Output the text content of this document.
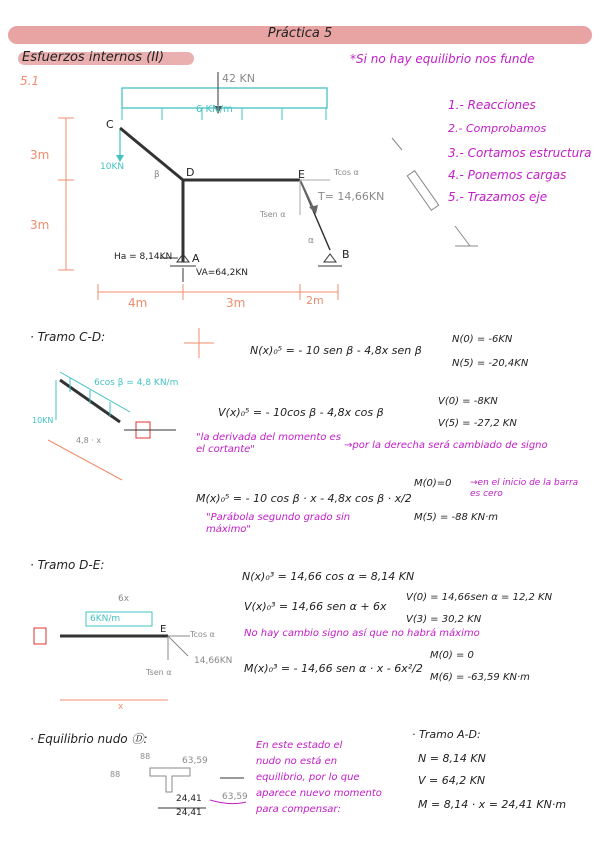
Práctica 5
Esfuerzos internos (II)
5.1
*Si no hay equilibrio nos funde
1.- Reacciones
2.- Comprobamos
3.- Cortamos estructura
4.- Ponemos cargas
5.- Trazamos eje
42 KN
6 KN/m
C
D	E
A	B
10KN
T= 14,66KN
Tcos α
Tsen α
β
α
Ha = 8,14KN
VA=64,2KN
3m
3m
4m	3m	2m
· Tramo C-D:
6cos β = 4,8 KN/m
10KN
4,8 · x
N(x)₀⁵ = - 10 sen β - 4,8x sen β
N(0) = -6KN
N(5) = -20,4KN
V(x)₀⁵ = - 10cos β - 4,8x cos β
V(0) = -8KN
V(5) = -27,2 KN
"la derivada del momento es el cortante"	→por la derecha será cambiado de signo
M(x)₀⁵ = - 10 cos β · x - 4,8x cos β · x/2
M(0)=0 →en el inicio de la barra es cero
M(5) = -88 KN·m
"Parábola segundo grado sin máximo"
· Tramo D-E:
6KN/m
6x
E	Tcos α
Tsen α
14,66KN
x
N(x)₀³ = 14,66 cos α = 8,14 KN
V(x)₀³ = 14,66 sen α + 6x
V(0) = 14,66sen α = 12,2 KN
V(3) = 30,2 KN
No hay cambio signo así que no habrá máximo
M(x)₀³ = - 14,66 sen α · x - 6x²/2
M(0) = 0
M(6) = -63,59 KN·m
· Equilibrio nudo Ⓓ:
88
88
63,59
24,41 63,59
24,41
En este estado el
nudo no está en
equilibrio, por lo que
aparece nuevo momento
para compensar:
· Tramo A-D:
N = 8,14 KN
V = 64,2 KN
M = 8,14 · x = 24,41 KN·m
